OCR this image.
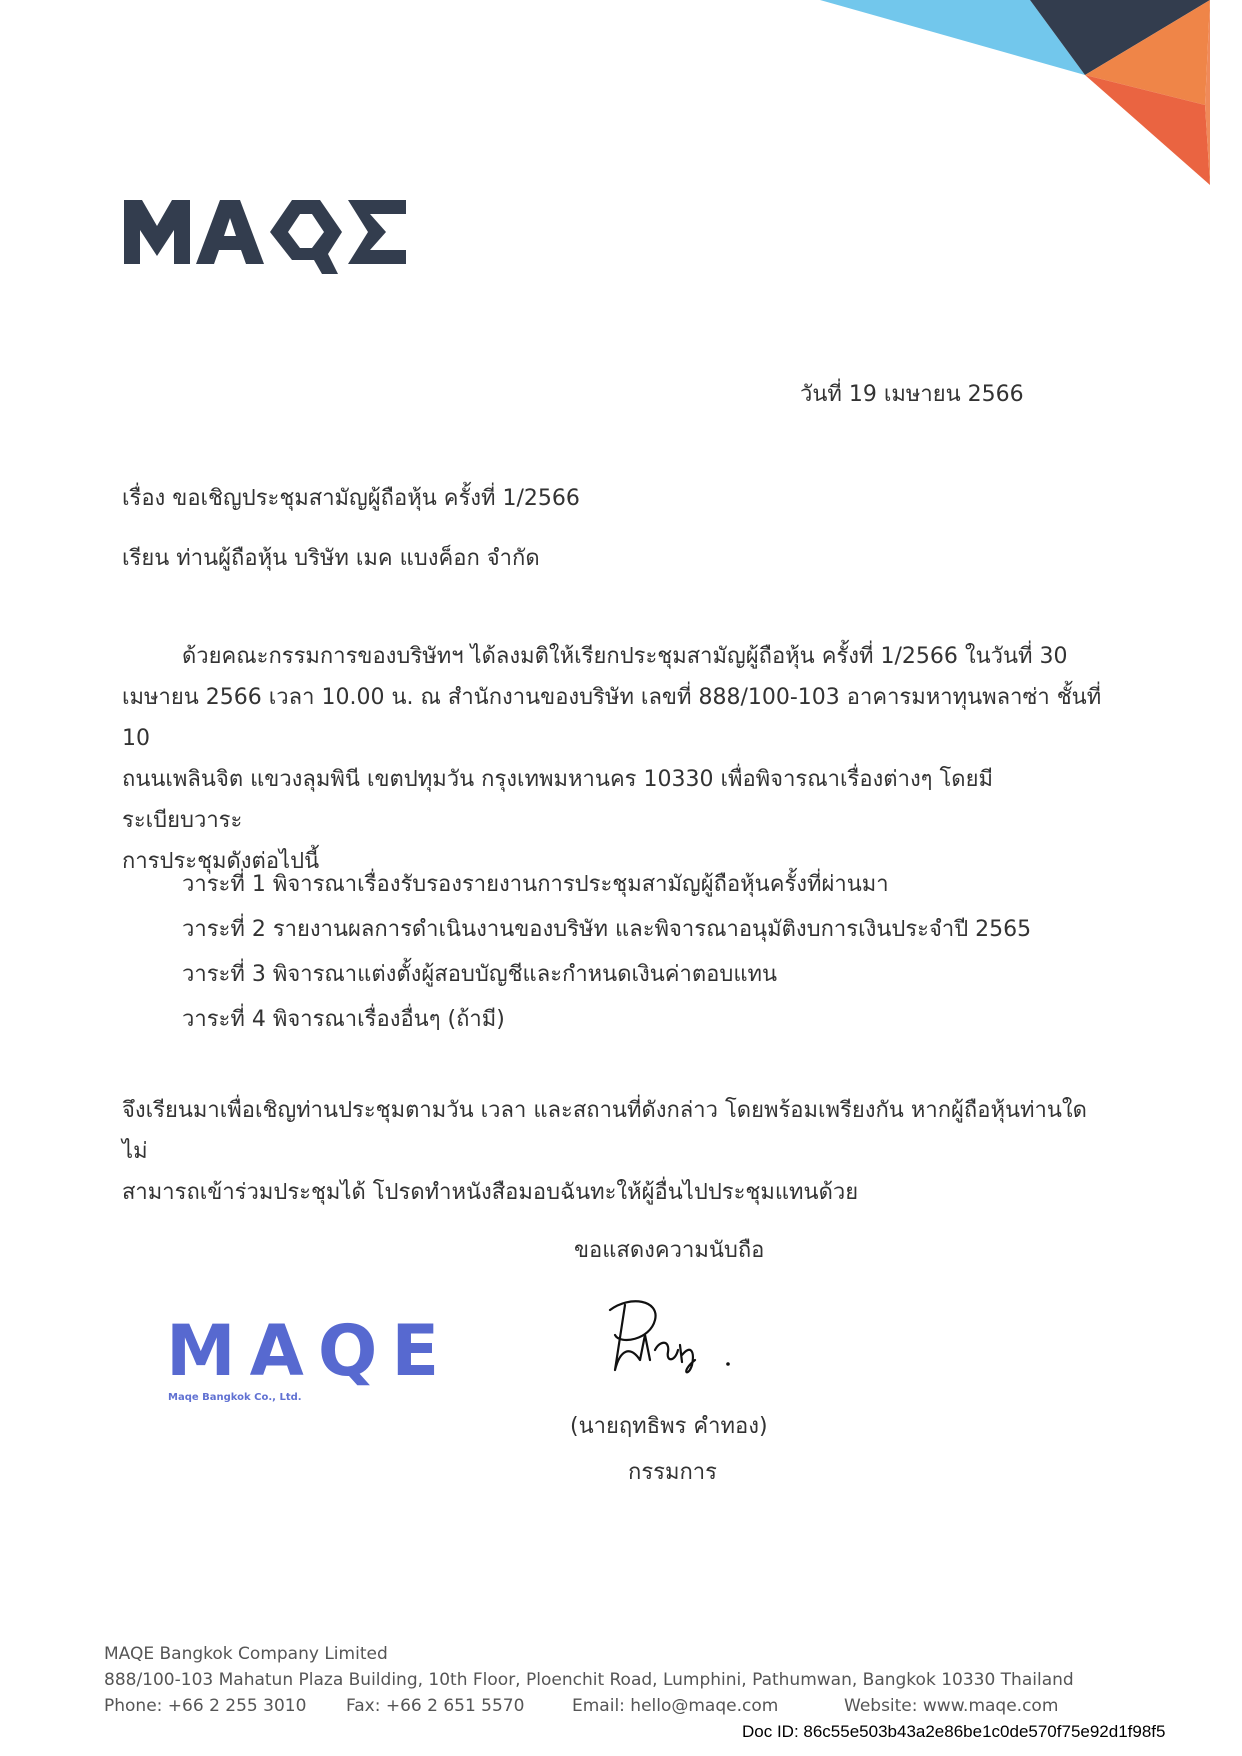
วันที่ 19 เมษายน 2566
เรื่อง ขอเชิญประชุมสามัญผู้ถือหุ้น ครั้งที่ 1/2566
เรียน ท่านผู้ถือหุ้น บริษัท เมค แบงค็อก จำกัด
ด้วยคณะกรรมการของบริษัทฯ ได้ลงมติให้เรียกประชุมสามัญผู้ถือหุ้น ครั้งที่ 1/2566 ในวันที่ 30
เมษายน 2566 เวลา 10.00 น. ณ สำนักงานของบริษัท เลขที่ 888/100-103 อาคารมหาทุนพลาซ่า ชั้นที่ 10
ถนนเพลินจิต แขวงลุมพินี เขตปทุมวัน กรุงเทพมหานคร 10330 เพื่อพิจารณาเรื่องต่างๆ โดยมีระเบียบวาระ
การประชุมดังต่อไปนี้
วาระที่ 1 พิจารณาเรื่องรับรองรายงานการประชุมสามัญผู้ถือหุ้นครั้งที่ผ่านมา
วาระที่ 2 รายงานผลการดำเนินงานของบริษัท และพิจารณาอนุมัติงบการเงินประจำปี 2565
วาระที่ 3 พิจารณาแต่งตั้งผู้สอบบัญชีและกำหนดเงินค่าตอบแทน
วาระที่ 4 พิจารณาเรื่องอื่นๆ (ถ้ามี)
จึงเรียนมาเพื่อเชิญท่านประชุมตามวัน เวลา และสถานที่ดังกล่าว โดยพร้อมเพรียงกัน หากผู้ถือหุ้นท่านใดไม่
สามารถเข้าร่วมประชุมได้ โปรดทำหนังสือมอบฉันทะให้ผู้อื่นไปประชุมแทนด้วย
ขอแสดงความนับถือ
MAQE
Maqe Bangkok Co., Ltd.
(นายฤทธิพร คำทอง)
กรรมการ
MAQE Bangkok Company Limited
888/100-103 Mahatun Plaza Building, 10th Floor, Ploenchit Road, Lumphini, Pathumwan, Bangkok 10330 Thailand
Phone: +66 2 255 3010 Fax: +66 2 651 5570	Email: hello@maqe.com	Website: www.maqe.com
Doc ID: 86c55e503b43a2e86be1c0de570f75e92d1f98f5
